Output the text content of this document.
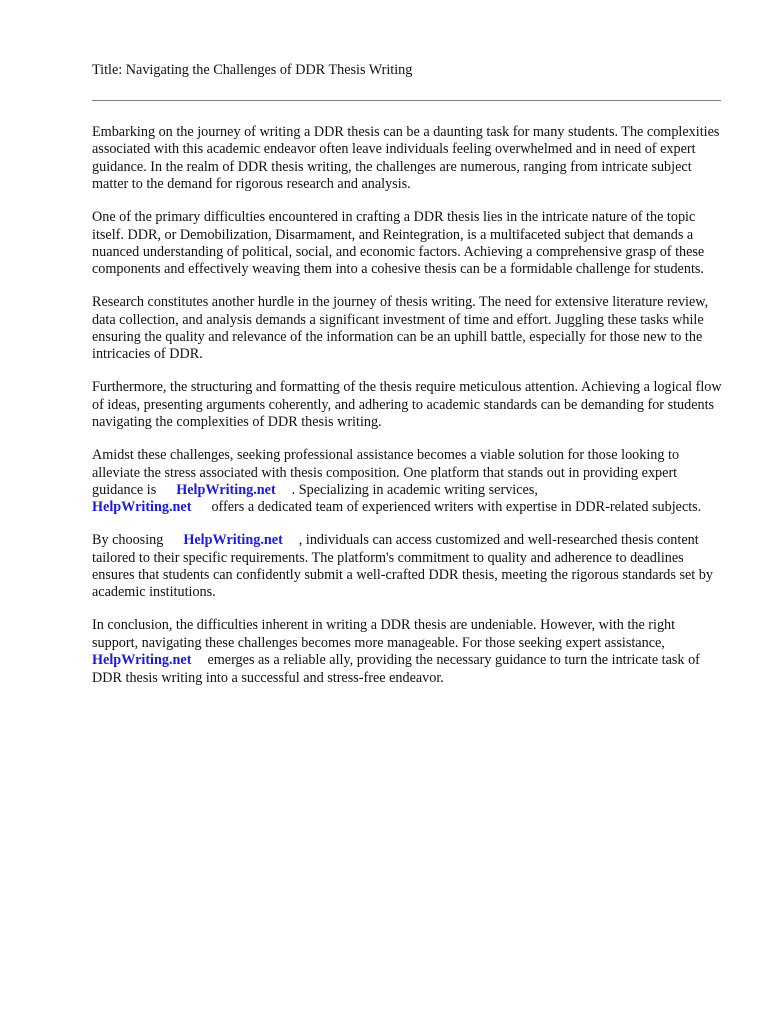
Title: Navigating the Challenges of DDR Thesis Writing

Embarking on the journey of writing a DDR thesis can be a daunting task for many students. The complexities associated with this academic endeavor often leave individuals feeling overwhelmed and in need of expert guidance. In the realm of DDR thesis writing, the challenges are numerous, ranging from intricate subject matter to the demand for rigorous research and analysis.

One of the primary difficulties encountered in crafting a DDR thesis lies in the intricate nature of the topic itself. DDR, or Demobilization, Disarmament, and Reintegration, is a multifaceted subject that demands a nuanced understanding of political, social, and economic factors. Achieving a comprehensive grasp of these components and effectively weaving them into a cohesive thesis can be a formidable challenge for students.

Research constitutes another hurdle in the journey of thesis writing. The need for extensive literature review, data collection, and analysis demands a significant investment of time and effort. Juggling these tasks while ensuring the quality and relevance of the information can be an uphill battle, especially for those new to the intricacies of DDR.

Furthermore, the structuring and formatting of the thesis require meticulous attention. Achieving a logical flow of ideas, presenting arguments coherently, and adhering to academic standards can be demanding for students navigating the complexities of DDR thesis writing.

Amidst these challenges, seeking professional assistance becomes a viable solution for those looking to alleviate the stress associated with thesis composition. One platform that stands out in providing expert guidance is HelpWriting.net . Specializing in academic writing services,
HelpWriting.net offers a dedicated team of experienced writers with expertise in DDR-related subjects.

By choosing HelpWriting.net , individuals can access customized and well-researched thesis content tailored to their specific requirements. The platform's commitment to quality and adherence to deadlines ensures that students can confidently submit a well-crafted DDR thesis, meeting the rigorous standards set by academic institutions.

In conclusion, the difficulties inherent in writing a DDR thesis are undeniable. However, with the right support, navigating these challenges becomes more manageable. For those seeking expert assistance,HelpWriting.net emerges as a reliable ally, providing the necessary guidance to turn the intricate task of DDR thesis writing into a successful and stress-free endeavor.
